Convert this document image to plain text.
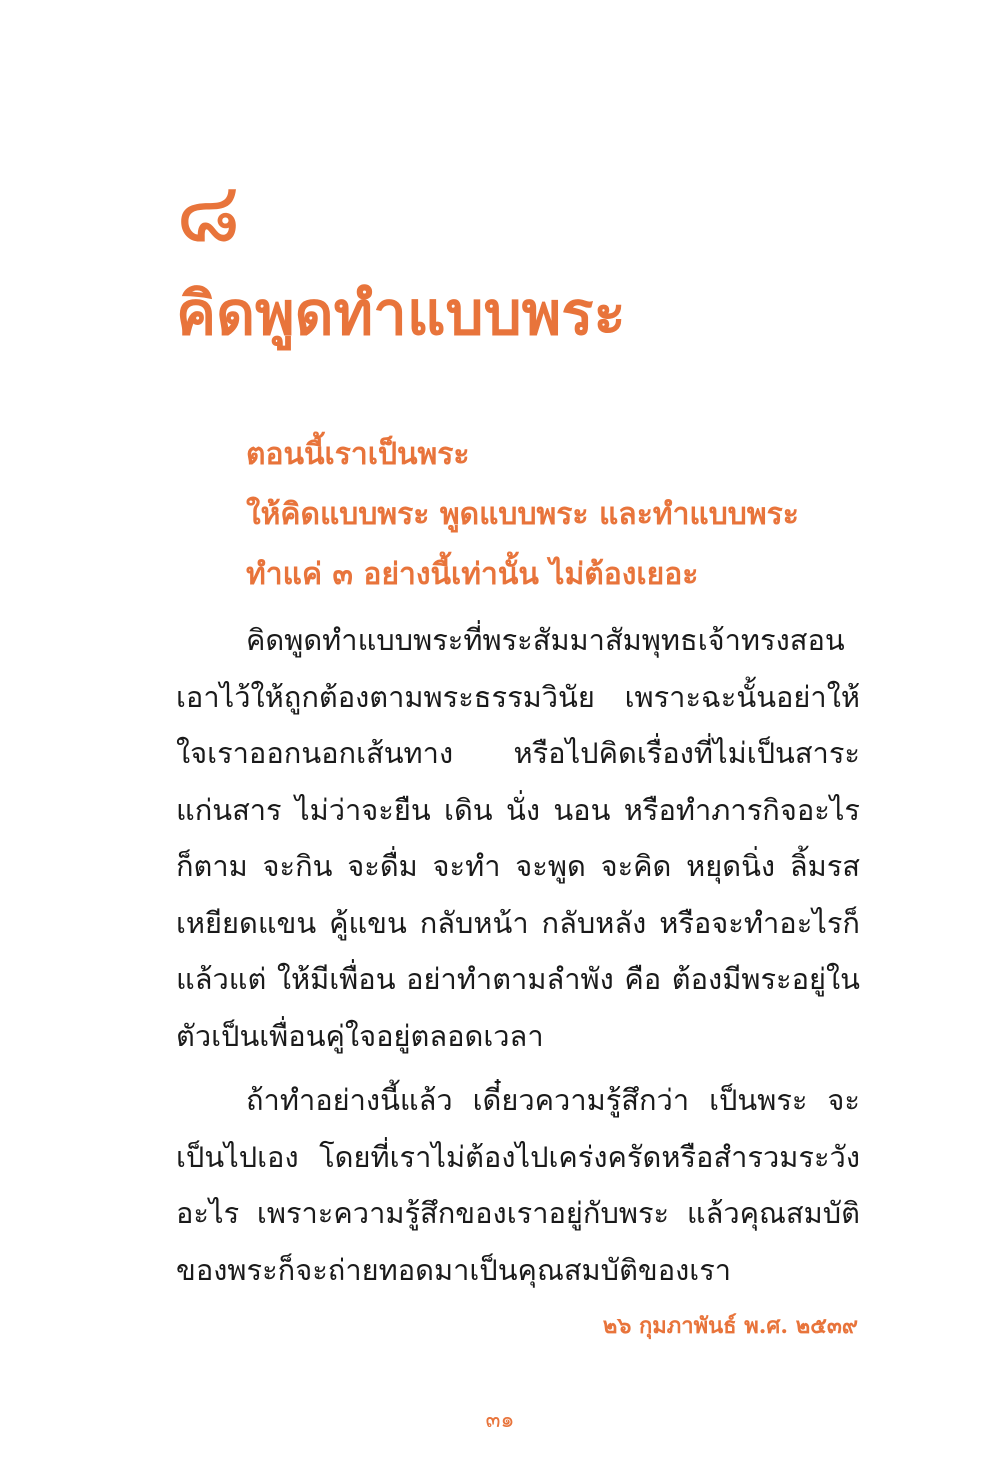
๘
คิดพูดทำแบบพระ
ตอนนี้เราเป็นพระ
ให้คิดแบบพระ พูดแบบพระ และทำแบบพระ
ทำแค่ ๓ อย่างนี้เท่านั้น ไม่ต้องเยอะ

คิดพูดทำแบบพระที่พระสัมมาสัมพุทธเจ้าทรงสอนเอาไว้ให้ถูกต้องตามพระธรรมวินัย เพราะฉะนั้นอย่าให้ใจเราออกนอกเส้นทาง หรือไปคิดเรื่องที่ไม่เป็นสาระแก่นสาร ไม่ว่าจะยืน เดิน นั่ง นอน หรือทำภารกิจอะไรก็ตาม จะกิน จะดื่ม จะทำ จะพูด จะคิด หยุดนิ่ง ลิ้มรส เหยียดแขน คู้แขน กลับหน้า กลับหลัง หรือจะทำอะไรก็แล้วแต่ ให้มีเพื่อน อย่าทำตามลำพัง คือ ต้องมีพระอยู่ในตัวเป็นเพื่อนคู่ใจอยู่ตลอดเวลา

ถ้าทำอย่างนี้แล้ว เดี๋ยวความรู้สึกว่า เป็นพระ จะเป็นไปเอง โดยที่เราไม่ต้องไปเคร่งครัดหรือสำรวมระวังอะไร เพราะความรู้สึกของเราอยู่กับพระ แล้วคุณสมบัติของพระก็จะถ่ายทอดมาเป็นคุณสมบัติของเรา

๒๖ กุมภาพันธ์ พ.ศ. ๒๕๓๙
๓๑
